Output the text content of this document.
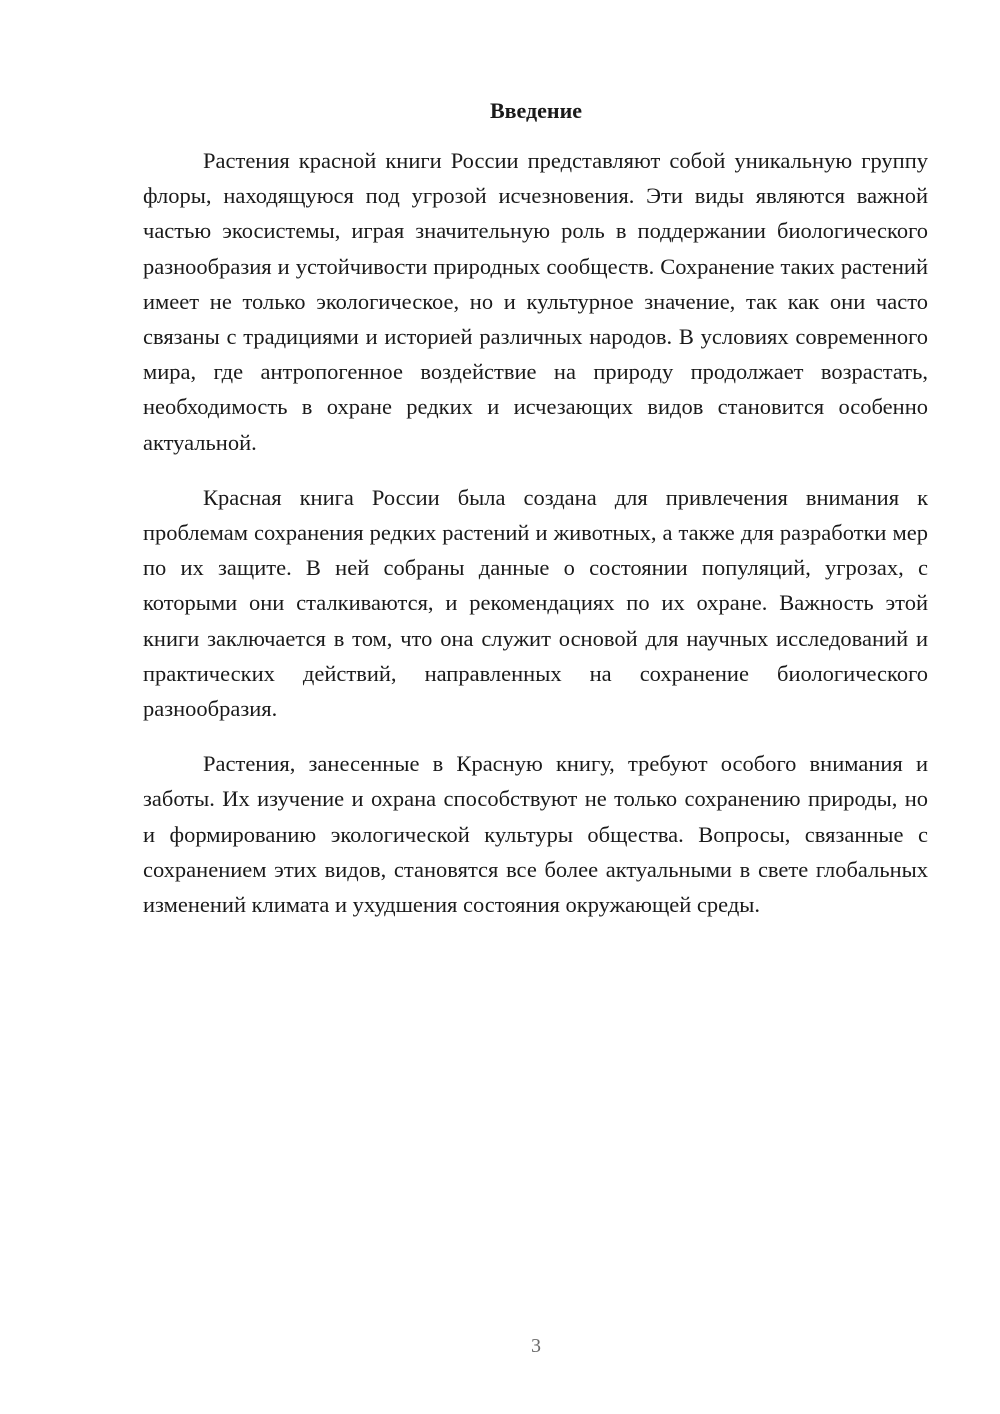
Введение

Растения красной книги России представляют собой уникальную группу флоры, находящуюся под угрозой исчезновения. Эти виды являются важной частью экосистемы, играя значительную роль в поддержании биологического разнообразия и устойчивости природных сообществ. Сохранение таких растений имеет не только экологическое, но и культурное значение, так как они часто связаны с традициями и историей различных народов. В условиях современного мира, где антропогенное воздействие на природу продолжает возрастать, необходимость в охране редких и исчезающих видов становится особенно актуальной.

Красная книга России была создана для привлечения внимания к проблемам сохранения редких растений и животных, а также для разработки мер по их защите. В ней собраны данные о состоянии популяций, угрозах, с которыми они сталкиваются, и рекомендациях по их охране. Важность этой книги заключается в том, что она служит основой для научных исследований и практических действий, направленных на сохранение биологического разнообразия.

Растения, занесенные в Красную книгу, требуют особого внимания и заботы. Их изучение и охрана способствуют не только сохранению природы, но и формированию экологической культуры общества. Вопросы, связанные с сохранением этих видов, становятся все более актуальными в свете глобальных изменений климата и ухудшения состояния окружающей среды.

3
